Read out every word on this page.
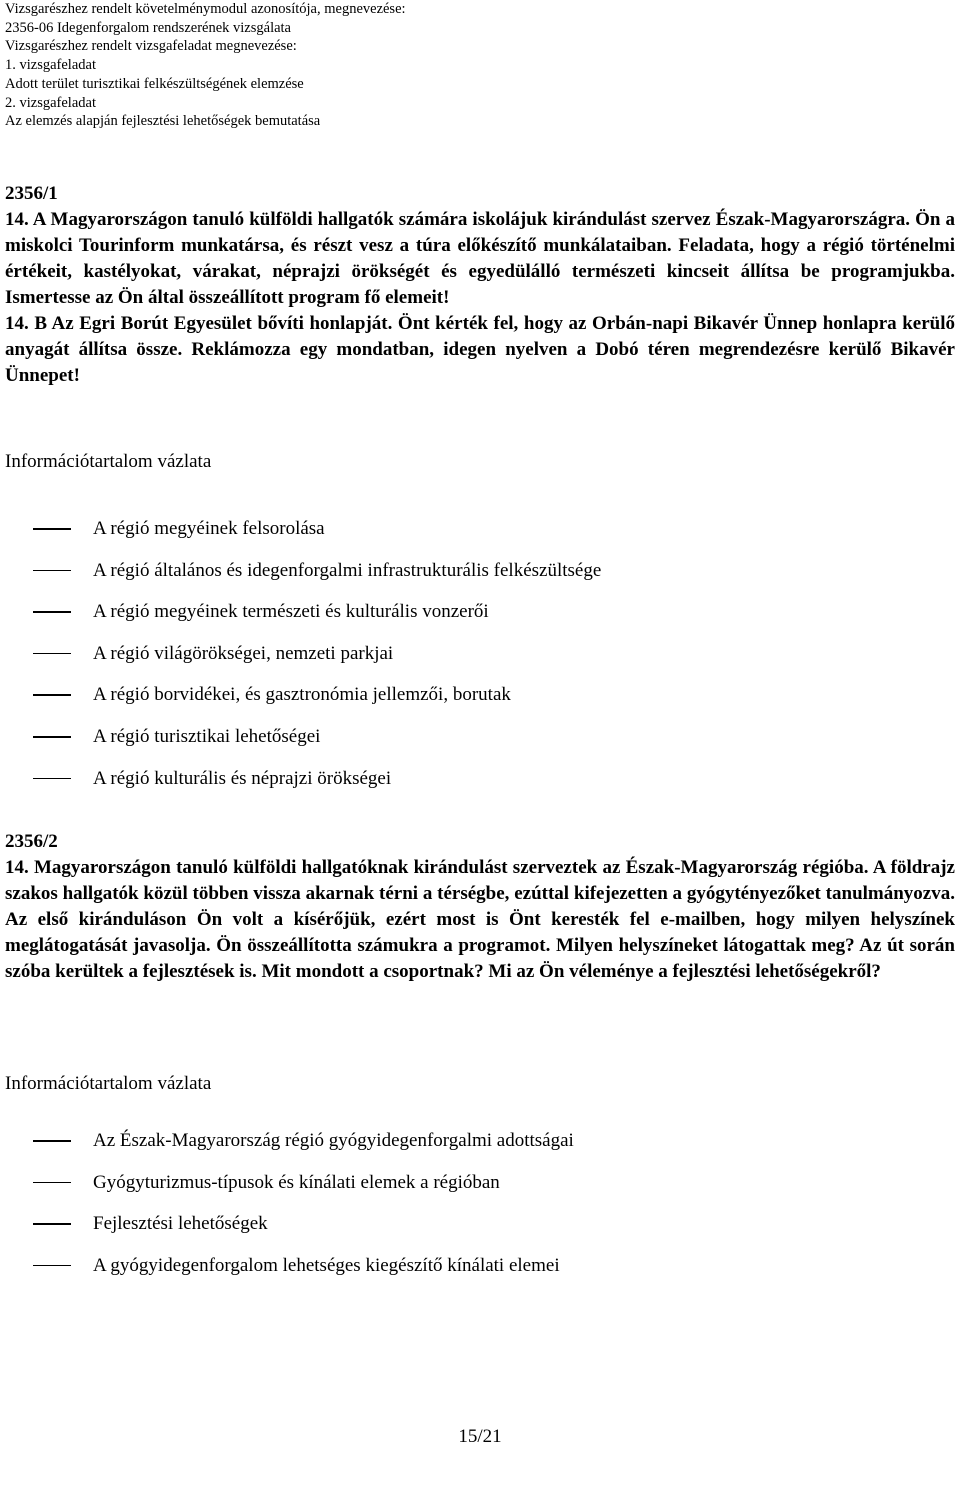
Vizsgarészhez rendelt követelménymodul azonosítója, megnevezése:
2356-06 Idegenforgalom rendszerének vizsgálata
Vizsgarészhez rendelt vizsgafeladat megnevezése:
1. vizsgafeladat
Adott terület turisztikai felkészültségének elemzése
2. vizsgafeladat
Az elemzés alapján fejlesztési lehetőségek bemutatása
2356/1

14. A Magyarországon tanuló külföldi hallgatók számára iskolájuk kirándulást szervez Észak-Magyarországra. Ön a miskolci Tourinform munkatársa, és részt vesz a túra előkészítő munkálataiban. Feladata, hogy a régió történelmi értékeit, kastélyokat, várakat, néprajzi örökségét és egyedülálló természeti kincseit állítsa be programjukba. Ismertesse az Ön által összeállított program fő elemeit!

14. B Az Egri Borút Egyesület bővíti honlapját. Önt kérték fel, hogy az Orbán-napi Bikavér Ünnep honlapra kerülő anyagát állítsa össze. Reklámozza egy mondatban, idegen nyelven a Dobó téren megrendezésre kerülő Bikavér Ünnepet!

Információtartalom vázlata
A régió megyéinek felsorolása
A régió általános és idegenforgalmi infrastrukturális felkészültsége
A régió megyéinek természeti és kulturális vonzerői
A régió világörökségei, nemzeti parkjai
A régió borvidékei, és gasztronómia jellemzői, borutak
A régió turisztikai lehetőségei
A régió kulturális és néprajzi örökségei
2356/2

14. Magyarországon tanuló külföldi hallgatóknak kirándulást szerveztek az Észak-Magyarország régióba. A földrajz szakos hallgatók közül többen vissza akarnak térni a térségbe, ezúttal kifejezetten a gyógytényezőket tanulmányozva. Az első kiránduláson Ön volt a kísérőjük, ezért most is Önt keresték fel e-mailben, hogy milyen helyszínek meglátogatását javasolja. Ön összeállította számukra a programot. Milyen helyszíneket látogattak meg? Az út során szóba kerültek a fejlesztések is. Mit mondott a csoportnak? Mi az Ön véleménye a fejlesztési lehetőségekről?

Információtartalom vázlata
Az Észak-Magyarország régió gyógyidegenforgalmi adottságai
Gyógyturizmus-típusok és kínálati elemek a régióban
Fejlesztési lehetőségek
A gyógyidegenforgalom lehetséges kiegészítő kínálati elemei
15/21
